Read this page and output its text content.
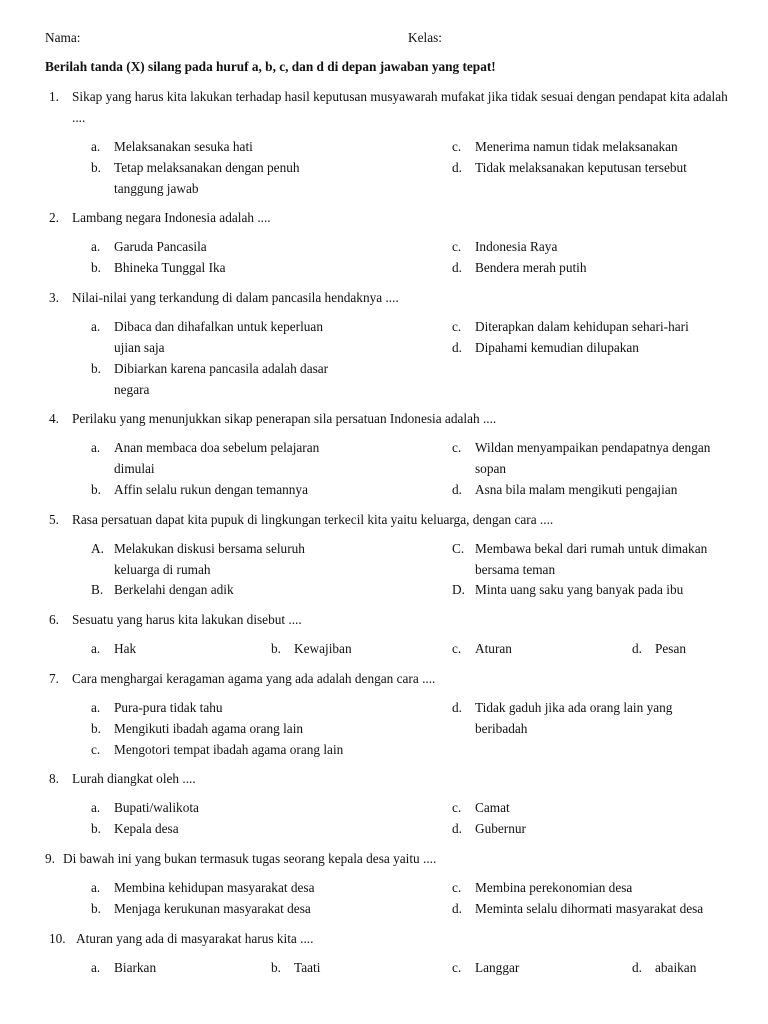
Nama:	Kelas:
Berilah tanda (X) silang pada huruf a, b, c, dan d di depan jawaban yang tepat!
1. Sikap yang harus kita lakukan terhadap hasil keputusan musyawarah mufakat jika tidak sesuai dengan pendapat kita adalah ....
a.	Melaksanakan sesuka hati
b. Tetap melaksanakan dengan penuh tanggung jawab
c.	Menerima namun tidak melaksanakan
d. Tidak melaksanakan keputusan tersebut
2. Lambang negara Indonesia adalah ....
a.	Garuda Pancasila
b. Bhineka Tunggal Ika
c.	Indonesia Raya
d. Bendera merah putih
3. Nilai-nilai yang terkandung di dalam pancasila hendaknya ....
a.	Dibaca dan dihafalkan untuk keperluan ujian saja
b. Dibiarkan karena pancasila adalah dasar negara
c.	Diterapkan dalam kehidupan sehari-hari
d. Dipahami kemudian dilupakan
4. Perilaku yang menunjukkan sikap penerapan sila persatuan Indonesia adalah ....
a.	Anan membaca doa sebelum pelajaran dimulai
b. Affin selalu rukun dengan temannya
c.	Wildan menyampaikan pendapatnya dengan sopan
d. Asna bila malam mengikuti pengajian
5. Rasa persatuan dapat kita pupuk di lingkungan terkecil kita yaitu keluarga, dengan cara ....
A. Melakukan diskusi bersama seluruh keluarga di rumah
B. Berkelahi dengan adik
C. Membawa bekal dari rumah untuk dimakan bersama teman
D. Minta uang saku yang banyak pada ibu
6. Sesuatu yang harus kita lakukan disebut ....
a.	Hak	b. Kewajiban	c.	Aturan	d. Pesan
7. Cara menghargai keragaman agama yang ada adalah dengan cara ....
a.	Pura-pura tidak tahu
b. Mengikuti ibadah agama orang lain
c.	Mengotori tempat ibadah agama orang lain
d. Tidak gaduh jika ada orang lain yang beribadah
8. Lurah diangkat oleh ....
a.	Bupati/walikota
b. Kepala desa
c.	Camat
d. Gubernur
9. Di bawah ini yang bukan termasuk tugas seorang kepala desa yaitu ....
a.	Membina kehidupan masyarakat desa
b. Menjaga kerukunan masyarakat desa
c.	Membina perekonomian desa
d. Meminta selalu dihormati masyarakat desa
10. Aturan yang ada di masyarakat harus kita ....
a.	Biarkan	b. Taati	c.	Langgar	d. abaikan
